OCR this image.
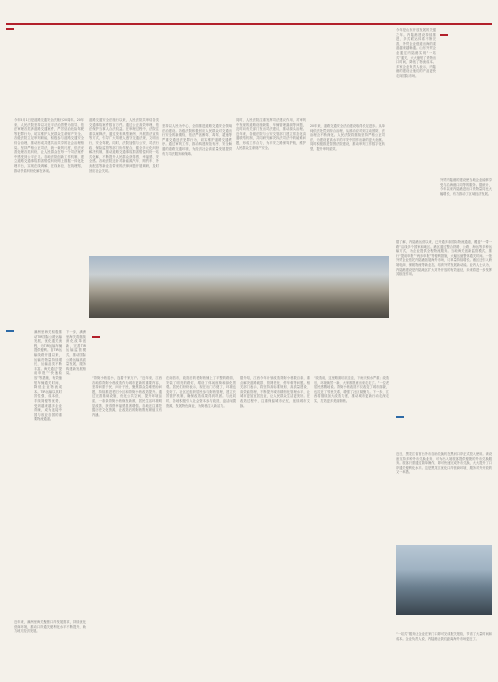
今年5月1日是道路交通安全法施行20周年。20年来，人民法院坚持以习近平法治思想为指导，依法审理各类涉道路交通案件，严厉惩治危险驾驶等犯罪行为，切实维护人民群众生命财产安全。各级法院立足审判职能，积极参与道路交通安全综合治理，推动形成共建共治共享的社会治理格局。坚持严格公正司法，统一裁判尺度，依法妥善处理各类纠纷，让人民群众在每一个司法案件中感受到公平正义。各地法院创新工作机制，建立道路交通事故损害赔偿纠纷网上数据一体化处理平台，实现在线调解、在线诉讼、在线理赔，推动矛盾纠纷化解在诉前。
道路交通安全法施行以来，人民法院共审结各类交通事故案件数百万件。通过公正高效审理，依法保护当事人合法权益。在审理过程中，法院注重以案释法，通过发布典型案例、开展普法宣传等方式，引导广大驾驶人遵守交通法规，文明出行，安全驾驶。同时，法院加强与公安、司法行政、保险监管等部门协作配合，健全多元化纠纷解决机制，推动道路交通事故损害赔偿纠纷一站式化解，不断提升人民群众获得感、幸福感、安全感。各地法院还针对新能源汽车、网约车、外卖配送等新业态带来的法律问题开展调研，及时回应社会关切。
坚持以人民为中心，全面推进道路交通安全领域法治建设。各级法院积极回应人民群众对交通出行安全的新期待，依法严惩醉驾、毒驾、超速等严重交通违法犯罪行为，切实维护道路交通秩序。通过审判工作，推动构建规范有序、安全畅通的道路交通环境，为经济社会高质量发展提供有力司法服务和保障。
同时，人民法院注重发挥司法建议作用，对审判中发现的道路设施缺陷、车辆管理漏洞等问题，及时向有关部门发出司法建议，推动源头治理。近年来，各级法院与公安交管部门建立常态化沟通联络机制，共同研究解决执法司法中的疑难问题，形成工作合力，为平安之路保驾护航，维护人民群众生命财产安全。
20年来，道路交通安全法治建设取得长足进步。从单纯依法处罚到综合治理，从被动应对到主动预防，法治理念不断深化。人民法院将继续坚持严格公正司法，为建设更高水平的平安中国作出新的更大贡献。同时积极推进智慧法院建设，推动审判工作数字化转型，提升审判质效。
今年是山东开放发展的关键之年。内陆港建设持续推进，多式联运体系不断完善，外贸企业借道出海的渠道越来越畅通。山东外贸企业通过内陆港实现“一站式”通关，大大缩短了货物出口时间，降低了物流成本。多家企业负责人表示，内陆港的建设让他们的产品更快走向国际市场。
外贸内陆港的建设使当地企业能够享受与沿海港口同等的服务。据统计，今年以来内陆港进出口货物量同比大幅增长，有力推动了区域经济发展。
据了解，内陆港运营以来，已开通多条国际物流通道，覆盖“一带一路”沿线多个国家和地区。港区通过整合铁路、公路、海运等多种运输方式，为企业提供全程物流服务。当地海关创新监管模式，推行“提前申报”“两步申报”等便利措施，大幅压缩整体通关时间。一批外贸企业依托内陆港拓展海外市场，订单量持续增长。港区还引入跨境电商、保税物流等新业态，培育外贸发展新动能。业内人士认为，内陆港建设是内陆地区扩大对外开放的有效途径，未来将进一步发挥其枢纽作用。
“一站式”服务让企业在家门口即可完成报关报检，节省了大量时间和成本。企业负责人说，内陆港让我们距离海外市场更近了。
满洲里海关积极推动TIR国际公路运输发展，优化通关流程，为TIR运输车辆提供便利。自TIR运输线路开通以来，运输货物量持续增长，运输品类不断丰富。海关通过“提前申报”“快速验放”等措施，有效缩短车辆通关时间，降低企业物流成本。TIR运输以其时效性强、成本低、手续简便等优势，受到越来越多企业青睐，成为连接中国与欧亚各国的重要物流通道。
下一步，满洲里海关将继续深化改革创新，完善TIR运输监管模式，推动国际公路运输高质量发展，服务构建新发展格局。
近年来，满洲里海关聚焦口岸发展需求，持续优化营商环境，推动口岸通关便利化水平不断提升，助力地方经济发展。
“背街小巷虽小，连着千家万户。”近年来，江西各地将背街小巷改造作为城市更新的重要内容，坚持问需于民、问计于民，聚焦群众急难愁盼问题，持续推进老旧小区和背街小巷改造提升。通过完善基础设施、优化公共空间、提升环境品质，一条条背街小巷焕发新颜，居民生活环境明显改善，获得感幸福感显著增强。各地还注重挖掘历史文化资源，让改造后的街巷既有颜值又有内涵。
在南昌市，改造后的老街巷铺上了平整的路面，安装了明亮的路灯，增设了休闲座椅和绿化景观。居民们纷纷表示，现在出门方便了，环境也变好了。社区还组织居民参与街巷管理，建立长效管护机制，确保改造成果得到巩固。与此同时，各地积极引入社会资本参与改造，盘活闲置资源，发展特色商业，为街巷注入新活力。
据介绍，江西今年计划改造背街小巷数百条，重点解决道路破损、管网老化、停车难等问题。相关部门表示，将坚持高标准规划、高质量建设、高效能管理，不断提升城市精细化管理水平，让城市更加宜居宜业，让人民群众生活更美好。在改造过程中，注重保留城市记忆，延续城市文脉。
“改造前，这里路面坑坑洼洼，下雨天积水严重；改造后，环境焕然一新，大家都愿意出来走走了。”一位老居民感慨地说。背街小巷改造不仅改变了城市面貌，也拉近了邻里关系，增强了社区凝聚力。下一步，江西将继续加大改造力度，推动城市更新行动走深走实，打造更多美丽街巷。
近日，黑龙江省首台外币自助兑换机在黑河口岸正式投入使用。该设备支持多种外币兑换业务，可为出入境旅客提供便捷的外币兑换服务。旅客只需通过简单操作，即可快速完成外币兑换，大大提升了口岸通关便利化水平。这是黑龙江优化口岸营商环境、服务对外开放的又一举措。
